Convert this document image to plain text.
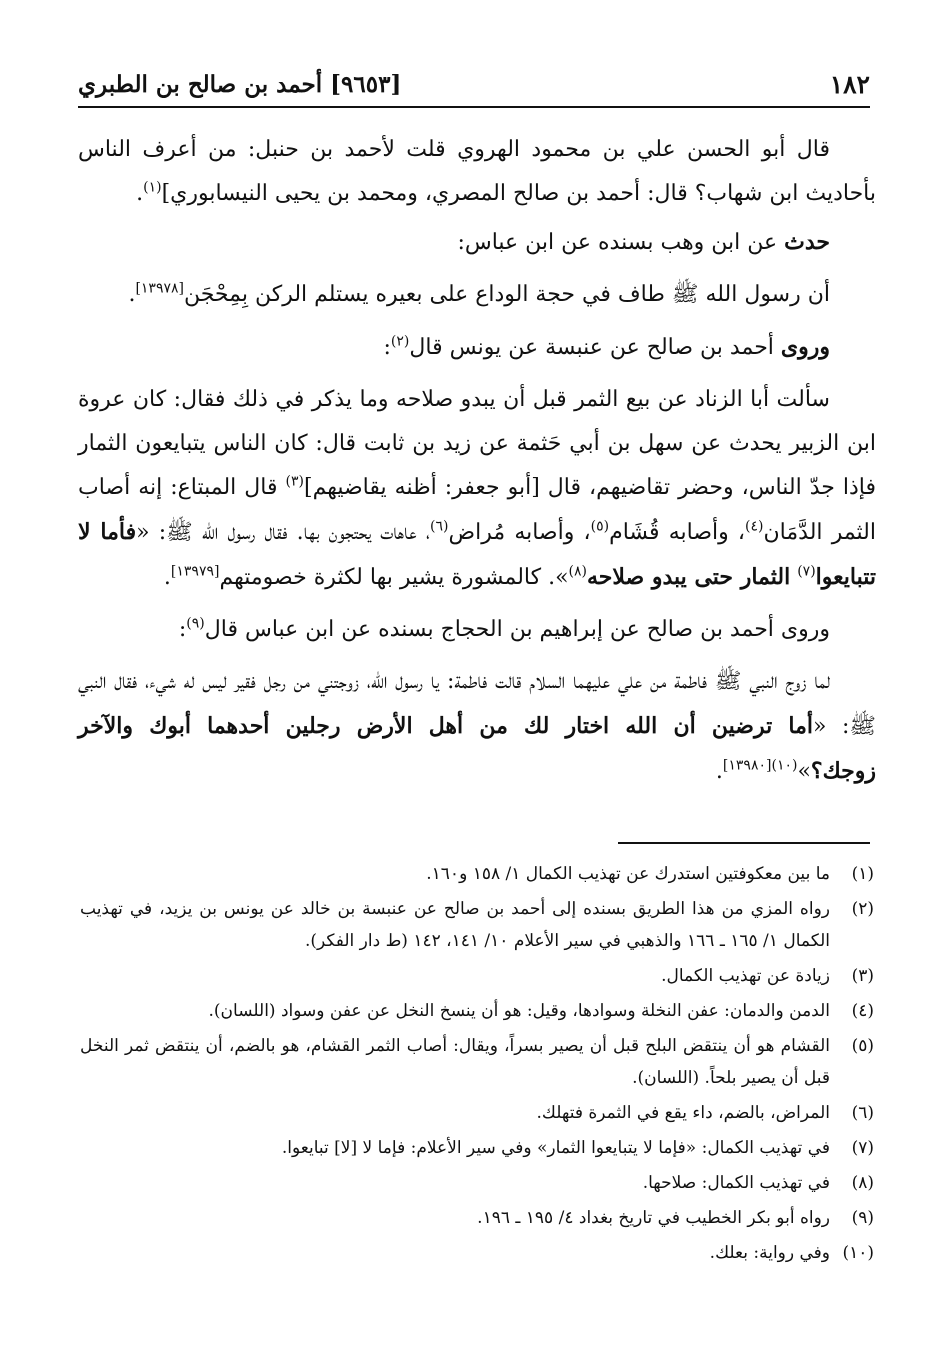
١٨٢
[٩٦٥٣] أحمد بن صالح بن الطبري

قال أبو الحسن علي بن محمود الهروي قلت لأحمد بن حنبل: من أعرف الناس بأحاديث ابن شهاب؟ قال: أحمد بن صالح المصري، ومحمد بن يحيى النيسابوري]$^{(١)}$.

حدث عن ابن وهب بسنده عن ابن عباس:

أن رسول الله ﷺ طاف في حجة الوداع على بعيره يستلم الركن بِمِحْجَن[١٣٩٧٨].

وروى أحمد بن صالح عن عنبسة عن يونس قال$^{(٢)}$:

سألت أبا الزناد عن بيع الثمر قبل أن يبدو صلاحه وما يذكر في ذلك فقال: كان عروة ابن الزبير يحدث عن سهل بن أبي حَثمة عن زيد بن ثابت قال: كان الناس يتبايعون الثمار فإذا جدّ الناس، وحضر تقاضيهم، قال [أبو جعفر: أظنه يقاضيهم]$^{(٣)}$ قال المبتاع: إنه أصاب الثمر الدَّمَان$^{(٤)}$، وأصابه قُشَام$^{(٥)}$، وأصابه مُراض$^{(٦)}$، عاهات يحتجون بها. فقال رسول الله ﷺ: «فأما لا تتبايعوا$^{(٧)}$ الثمار حتى يبدو صلاحه$^{(٨)}$». كالمشورة يشير بها لكثرة خصومتهم[١٣٩٧٩].

وروى أحمد بن صالح عن إبراهيم بن الحجاج بسنده عن ابن عباس قال$^{(٩)}$:

لما زوج النبي ﷺ فاطمة من علي عليهما السلام قالت فاطمة: يا رسول الله، زوجتني من رجل فقير ليس له شيء، فقال النبي ﷺ: «أما ترضين أن الله اختار لك من أهل الأرض رجلين أحدهما أبوك والآخر زوجك؟»$^{(١٠)[١٣٩٨٠]}$.

(١)
ما بين معكوفتين استدرك عن تهذيب الكمال ١/ ١٥٨ و١٦٠.
(٢)
رواه المزي من هذا الطريق بسنده إلى أحمد بن صالح عن عنبسة بن خالد عن يونس بن يزيد، في تهذيب الكمال ١/ ١٦٥ ـ ١٦٦ والذهبي في سير الأعلام ١٠/ ١٤١، ١٤٢ (ط دار الفكر).
(٣)
زيادة عن تهذيب الكمال.
(٤)
الدمن والدمان: عفن النخلة وسوادها، وقيل: هو أن ينسخ النخل عن عفن وسواد (اللسان).
(٥)
القشام هو أن ينتقض البلح قبل أن يصير بسراً، ويقال: أصاب الثمر القشام، هو بالضم، أن ينتقض ثمر النخل قبل أن يصير بلحاً. (اللسان).
(٦)
المراض، بالضم، داء يقع في الثمرة فتهلك.
(٧)
في تهذيب الكمال: «فإما لا يتبايعوا الثمار» وفي سير الأعلام: فإما لا [لا] تبايعوا.
(٨)
في تهذيب الكمال: صلاحها.
(٩)
رواه أبو بكر الخطيب في تاريخ بغداد ٤/ ١٩٥ ـ ١٩٦.
(١٠)
وفي رواية: بعلك.
